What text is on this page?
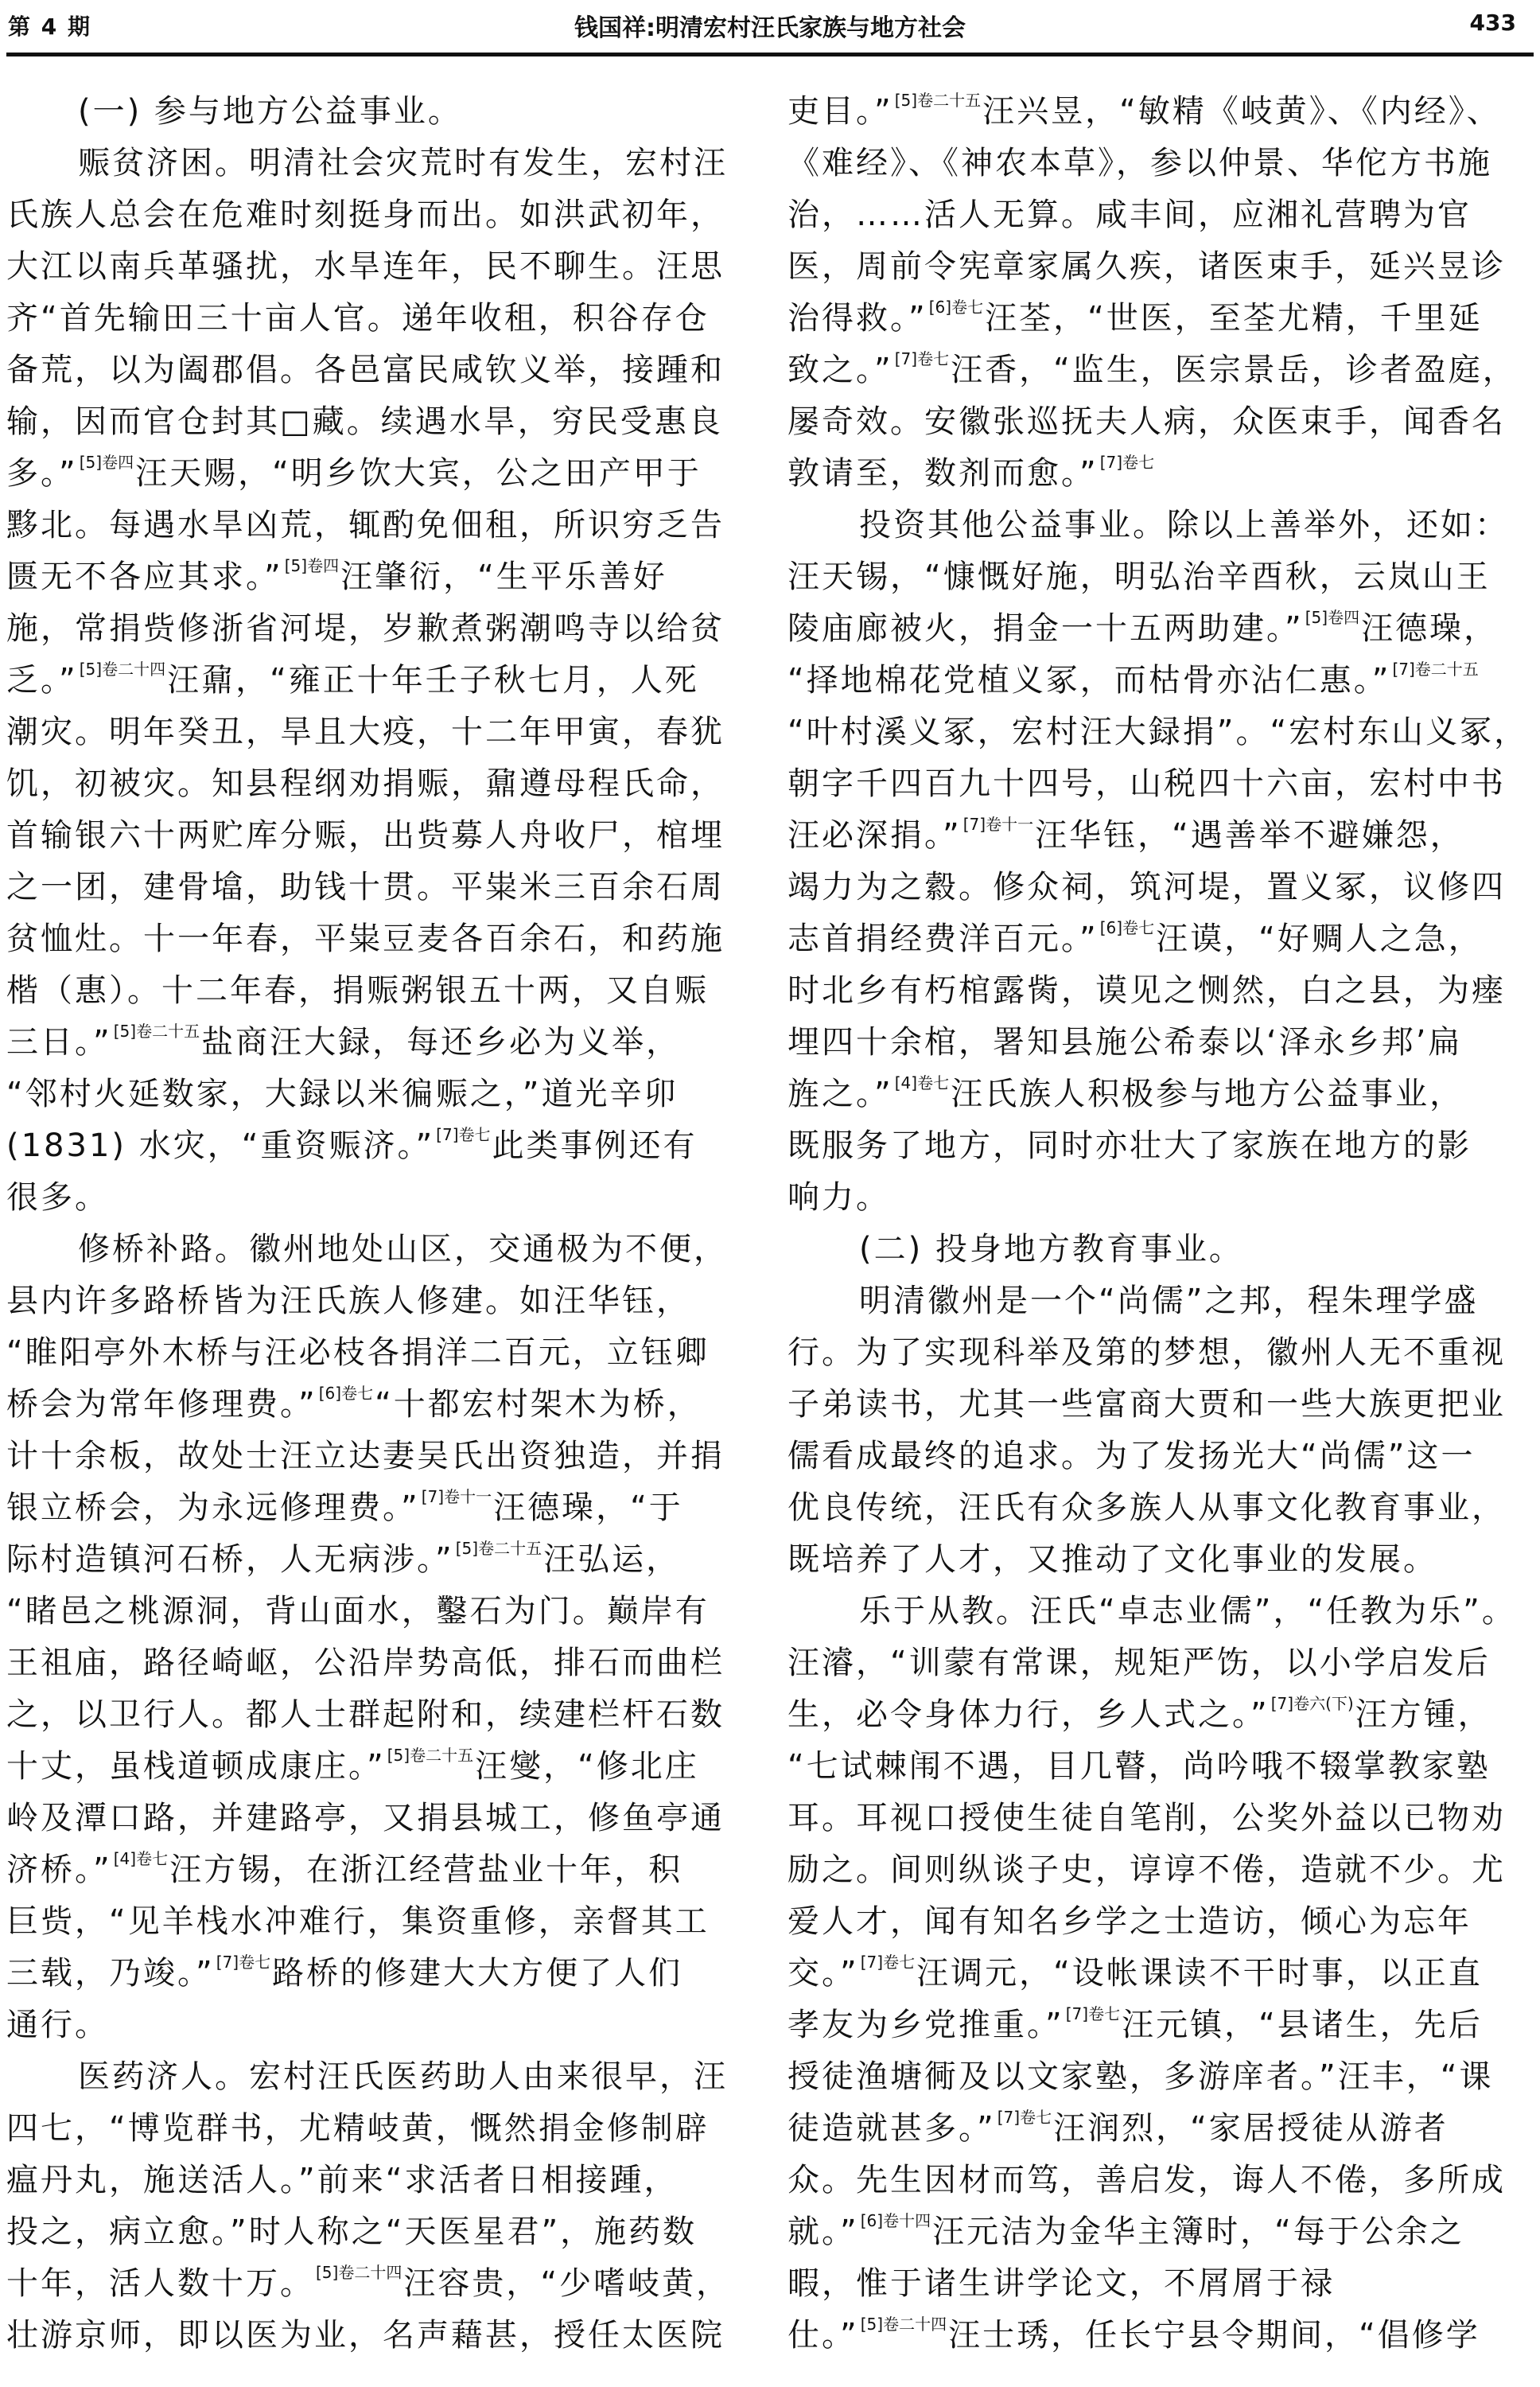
第 4 期	钱国祥:明清宏村汪氏家族与地方社会	433
(一) 参与地方公益事业。
赈贫济困。明清社会灾荒时有发生，宏村汪
氏族人总会在危难时刻挺身而出。如洪武初年，
大江以南兵革骚扰，水旱连年，民不聊生。汪思
齐“首先输田三十亩人官。递年收租，积谷存仓
备荒，以为阖郡倡。各邑富民咸钦义举，接踵和
输，因而官仓封其□藏。续遇水旱，穷民受惠良
多。” $^{[5]卷四}$汪天赐，“明乡饮大宾，公之田产甲于
黟北。每遇水旱凶荒，辄酌免佃租，所识穷乏告
匮无不各应其求。” $^{[5]卷四}$汪肇衍，“生平乐善好
施，常捐赀修浙省河堤，岁歉煮粥潮鸣寺以给贫
乏。” $^{[5]卷二十四}$汪鼐，“雍正十年壬子秋七月，人死
潮灾。明年癸丑，旱且大疫，十二年甲寅，春犹
饥，初被灾。知县程纲劝捐赈，鼐遵母程氏命，
首输银六十两贮库分赈，出赀募人舟收尸，棺埋
之一团，建骨墖，助钱十贯。平粜米三百余石周
贫恤灶。十一年春，平粜豆麦各百余石，和药施
楷（惠）。十二年春，捐赈粥银五十两，又自赈
三日。” $^{[5]卷二十五}$盐商汪大録，每还乡必为义举，
“邻村火延数家，大録以米徧赈之，”道光辛卯
(1831) 水灾，“重资赈济。” $^{[7]卷七}$此类事例还有
很多。
修桥补路。徽州地处山区，交通极为不便，
县内许多路桥皆为汪氏族人修建。如汪华钰，
“睢阳亭外木桥与汪必枝各捐洋二百元，立钰卿
桥会为常年修理费。” $^{[6]卷七}$“十都宏村架木为桥，
计十余板，故处士汪立达妻吴氏出资独造，并捐
银立桥会，为永远修理费。” $^{[7]卷十一}$汪德璪，“于
际村造镇河石桥，人无病涉。” $^{[5]卷二十五}$汪弘运，
“睹邑之桃源洞，背山面水，鑿石为门。巅岸有
王祖庙，路径崎岖，公沿岸势高低，排石而曲栏
之，以卫行人。都人士群起附和，续建栏杆石数
十丈，虽栈道顿成康庄。” $^{[5]卷二十五}$汪燮，“修北庄
岭及潭口路，并建路亭，又捐县城工，修鱼亭通
济桥。” $^{[4]卷七}$汪方锡，在浙江经营盐业十年，积
巨赀，“见羊栈水冲难行，集资重修，亲督其工
三载，乃竣。” $^{[7]卷七}$路桥的修建大大方便了人们
通行。
医药济人。宏村汪氏医药助人由来很早，汪
四七，“博览群书，尤精岐黄，慨然捐金修制辟
瘟丹丸，施送活人。”前来“求活者日相接踵，
投之，病立愈。”时人称之“天医星君”，施药数
十年，活人数十万。 $^{[5]卷二十四}$汪容贵，“少嗜岐黄，
壮游京师，即以医为业，名声藉甚，授任太医院
吏目。” $^{[5]卷二十五}$汪兴昱，“敏精《岐黄》、《内经》、
《难经》、《神农本草》，参以仲景、华佗方书施
治，……活人无算。咸丰间，应湘礼营聘为官
医，周前令宪章家属久疾，诸医束手，延兴昱诊
治得救。” $^{[6]卷七}$汪荃，“世医，至荃尤精，千里延
致之。” $^{[7]卷七}$汪香，“监生，医宗景岳，诊者盈庭，
屡奇效。安徽张巡抚夫人病，众医束手，闻香名
敦请至，数剂而愈。” $^{[7]卷七}$
投资其他公益事业。除以上善举外，还如：
汪天锡，“慷慨好施，明弘治辛酉秋，云岚山王
陵庙廊被火，捐金一十五两助建。” $^{[5]卷四}$汪德璪，
“择地棉花党植义冢，而枯骨亦沾仁惠。” $^{[7]卷二十五}$
“叶村溪义冢，宏村汪大録捐”。“宏村东山义冢，
朝字千四百九十四号，山税四十六亩，宏村中书
汪必深捐。” $^{[7]卷十一}$汪华钰，“遇善举不避嫌怨，
竭力为之縠。修众祠，筑河堤，置义冢，议修四
志首捐经费洋百元。” $^{[6]卷七}$汪谟，“好赒人之急，
时北乡有朽棺露胔，谟见之恻然，白之县，为瘗
埋四十余棺，署知县施公希泰以‘泽永乡邦’扁
旌之。” $^{[4]卷七}$汪氏族人积极参与地方公益事业，
既服务了地方，同时亦壮大了家族在地方的影
响力。
(二) 投身地方教育事业。
明清徽州是一个“尚儒”之邦，程朱理学盛
行。为了实现科举及第的梦想，徽州人无不重视
子弟读书，尤其一些富商大贾和一些大族更把业
儒看成最终的追求。为了发扬光大“尚儒”这一
优良传统，汪氏有众多族人从事文化教育事业，
既培养了人才，又推动了文化事业的发展。
乐于从教。汪氏“卓志业儒”，“任教为乐”。
汪濬，“训蒙有常课，规矩严饬，以小学启发后
生，必令身体力行，乡人式之。” $^{[7]卷六(下)}$汪方锺，
“七试棘闱不遇，目几瞽，尚吟哦不辍掌教家塾
耳。耳视口授使生徒自笔削，公奖外益以已物劝
励之。间则纵谈子史，谆谆不倦，造就不少。尤
爱人才，闻有知名乡学之士造访，倾心为忘年
交。” $^{[7]卷七}$汪调元，“设帐课读不干时事，以正直
孝友为乡党推重。” $^{[7]卷七}$汪元镇，“县诸生，先后
授徒渔塘衕及以文家塾，多游庠者。”汪丰，“课
徒造就甚多。” $^{[7]卷七}$汪润烈，“家居授徒从游者
众。先生因材而笃，善启发，诲人不倦，多所成
就。” $^{[6]卷十四}$汪元洁为金华主簿时，“每于公余之
暇，惟于诸生讲学论文，不屑屑于禄
仕。” $^{[5]卷二十四}$汪士琇，任长宁县令期间，“倡修学
